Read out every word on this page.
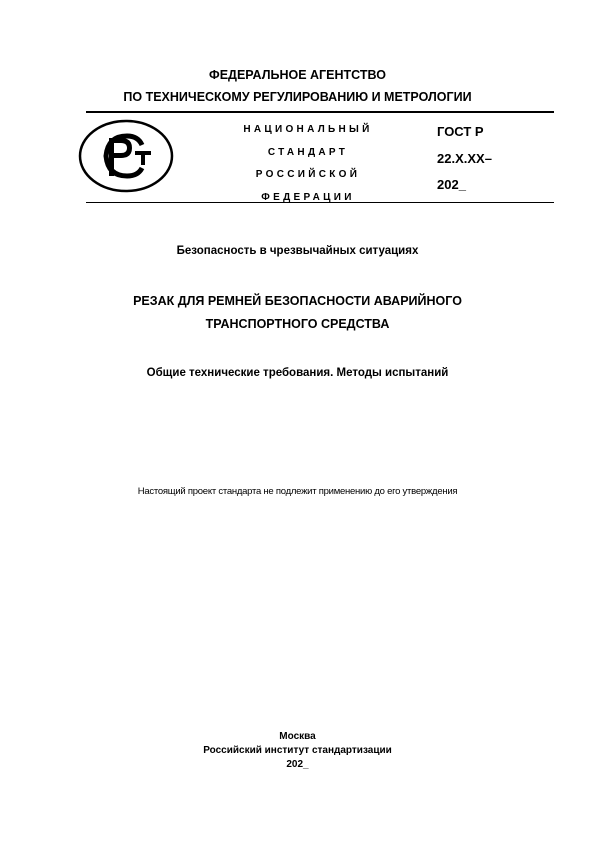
ФЕДЕРАЛЬНОЕ АГЕНТСТВО
ПО ТЕХНИЧЕСКОМУ РЕГУЛИРОВАНИЮ И МЕТРОЛОГИИ
НАЦИОНАЛЬНЫЙ
СТАНДАРТ
РОССИЙСКОЙ
ФЕДЕРАЦИИ
ГОСТ Р
22.Х.ХХ–
202_
Безопасность в чрезвычайных ситуациях
РЕЗАК ДЛЯ РЕМНЕЙ БЕЗОПАСНОСТИ АВАРИЙНОГО
ТРАНСПОРТНОГО СРЕДСТВА
Общие технические требования. Методы испытаний
Настоящий проект стандарта не подлежит применению до его утверждения
Москва
Российский институт стандартизации
202_
